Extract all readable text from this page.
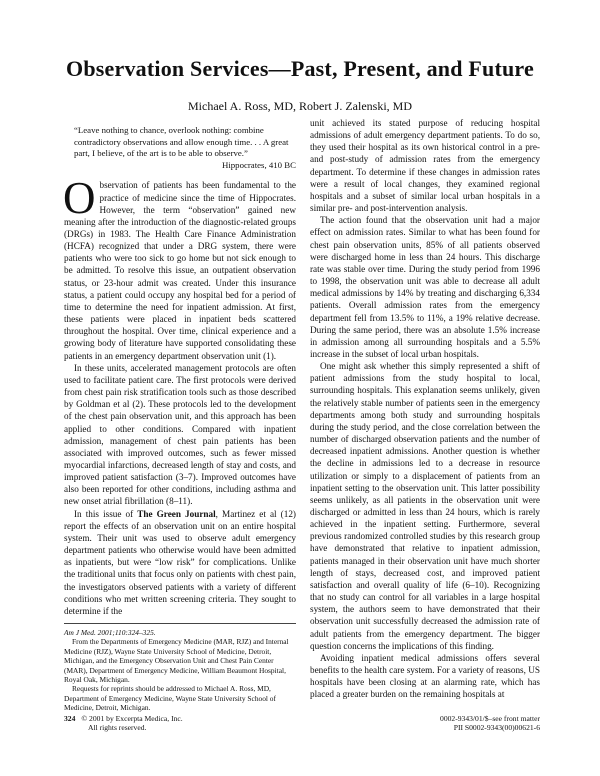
Observation Services—Past, Present, and Future
Michael A. Ross, MD, Robert J. Zalenski, MD
“Leave nothing to chance, overlook nothing: combine contradictory observations and allow enough time. . . A great part, I believe, of the art is to be able to observe.”
Hippocrates, 410 BC

Observation of patients has been fundamental to the practice of medicine since the time of Hippocrates. However, the term “observation” gained new meaning after the introduction of the diagnostic-related groups (DRGs) in 1983. The Health Care Finance Administration (HCFA) recognized that under a DRG system, there were patients who were too sick to go home but not sick enough to be admitted. To resolve this issue, an outpatient observation status, or 23-hour admit was created. Under this insurance status, a patient could occupy any hospital bed for a period of time to determine the need for inpatient admission. At first, these patients were placed in inpatient beds scattered throughout the hospital. Over time, clinical experience and a growing body of literature have supported consolidating these patients in an emergency department observation unit (1).

In these units, accelerated management protocols are often used to facilitate patient care. The first protocols were derived from chest pain risk stratification tools such as those described by Goldman et al (2). These protocols led to the development of the chest pain observation unit, and this approach has been applied to other conditions. Compared with inpatient admission, management of chest pain patients has been associated with improved outcomes, such as fewer missed myocardial infarctions, decreased length of stay and costs, and improved patient satisfaction (3–7). Improved outcomes have also been reported for other conditions, including asthma and new onset atrial fibrillation (8–11).

In this issue of The Green Journal, Martinez et al (12) report the effects of an observation unit on an entire hospital system. Their unit was used to observe adult emergency department patients who otherwise would have been admitted as inpatients, but were “low risk” for complications. Unlike the traditional units that focus only on patients with chest pain, the investigators observed patients with a variety of different conditions who met written screening criteria. They sought to determine if the

Am J Med. 2001;110:324–325.

From the Departments of Emergency Medicine (MAR, RJZ) and Internal Medicine (RJZ), Wayne State University School of Medicine, Detroit, Michigan, and the Emergency Observation Unit and Chest Pain Center (MAR), Department of Emergency Medicine, William Beaumont Hospital, Royal Oak, Michigan.

Requests for reprints should be addressed to Michael A. Ross, MD, Department of Emergency Medicine, Wayne State University School of Medicine, Detroit, Michigan.

unit achieved its stated purpose of reducing hospital admissions of adult emergency department patients. To do so, they used their hospital as its own historical control in a pre- and post-study of admission rates from the emergency department. To determine if these changes in admission rates were a result of local changes, they examined regional hospitals and a subset of similar local urban hospitals in a similar pre- and post-intervention analysis.

The action found that the observation unit had a major effect on admission rates. Similar to what has been found for chest pain observation units, 85% of all patients observed were discharged home in less than 24 hours. This discharge rate was stable over time. During the study period from 1996 to 1998, the observation unit was able to decrease all adult medical admissions by 14% by treating and discharging 6,334 patients. Overall admission rates from the emergency department fell from 13.5% to 11%, a 19% relative decrease. During the same period, there was an absolute 1.5% increase in admission among all surrounding hospitals and a 5.5% increase in the subset of local urban hospitals.

One might ask whether this simply represented a shift of patient admissions from the study hospital to local, surrounding hospitals. This explanation seems unlikely, given the relatively stable number of patients seen in the emergency departments among both study and surrounding hospitals during the study period, and the close correlation between the number of discharged observation patients and the number of decreased inpatient admissions. Another question is whether the decline in admissions led to a decrease in resource utilization or simply to a displacement of patients from an inpatient setting to the observation unit. This latter possibility seems unlikely, as all patients in the observation unit were discharged or admitted in less than 24 hours, which is rarely achieved in the inpatient setting. Furthermore, several previous randomized controlled studies by this research group have demonstrated that relative to inpatient admission, patients managed in their observation unit have much shorter length of stays, decreased cost, and improved patient satisfaction and overall quality of life (6–10). Recognizing that no study can control for all variables in a large hospital system, the authors seem to have demonstrated that their observation unit successfully decreased the admission rate of adult patients from the emergency department. The bigger question concerns the implications of this finding.

Avoiding inpatient medical admissions offers several benefits to the health care system. For a variety of reasons, US hospitals have been closing at an alarming rate, which has placed a greater burden on the remaining hospitals at

324 © 2001 by Excerpta Medica, Inc.
All rights reserved.
0002-9343/01/$–see front matter
PII S0002-9343(00)00621-6
